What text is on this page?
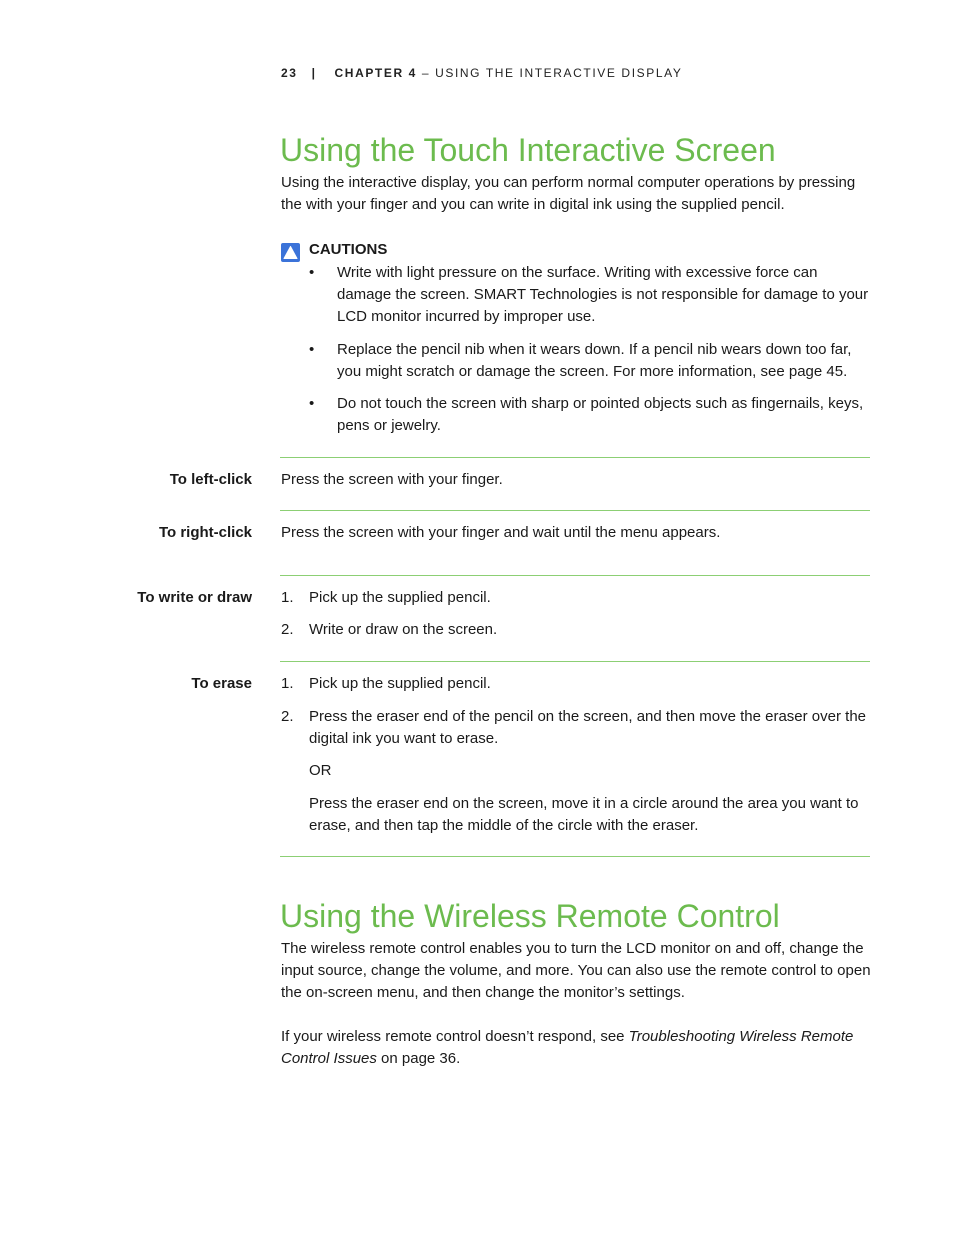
23 | CHAPTER 4 – USING THE INTERACTIVE DISPLAY
Using the Touch Interactive Screen

Using the interactive display, you can perform normal computer operations by pressing the with your finger and you can write in digital ink using the supplied pencil.

CAUTIONS
• Write with light pressure on the surface. Writing with excessive force can damage the screen. SMART Technologies is not responsible for damage to your LCD monitor incurred by improper use.
• Replace the pencil nib when it wears down. If a pencil nib wears down too far, you might scratch or damage the screen. For more information, see page 45.
• Do not touch the screen with sharp or pointed objects such as fingernails, keys, pens or jewelry.
To left-click Press the screen with your finger.
To right-click Press the screen with your finger and wait until the menu appears.
To write or draw 1. Pick up the supplied pencil.
2. Write or draw on the screen.
To erase 1. Pick up the supplied pencil.
2. Press the eraser end of the pencil on the screen, and then move the eraser over the digital ink you want to erase.
OR
Press the eraser end on the screen, move it in a circle around the area you want to erase, and then tap the middle of the circle with the eraser.
Using the Wireless Remote Control

The wireless remote control enables you to turn the LCD monitor on and off, change the input source, change the volume, and more. You can also use the remote control to open the on-screen menu, and then change the monitor’s settings.

If your wireless remote control doesn’t respond, see Troubleshooting Wireless Remote Control Issues on page 36.
